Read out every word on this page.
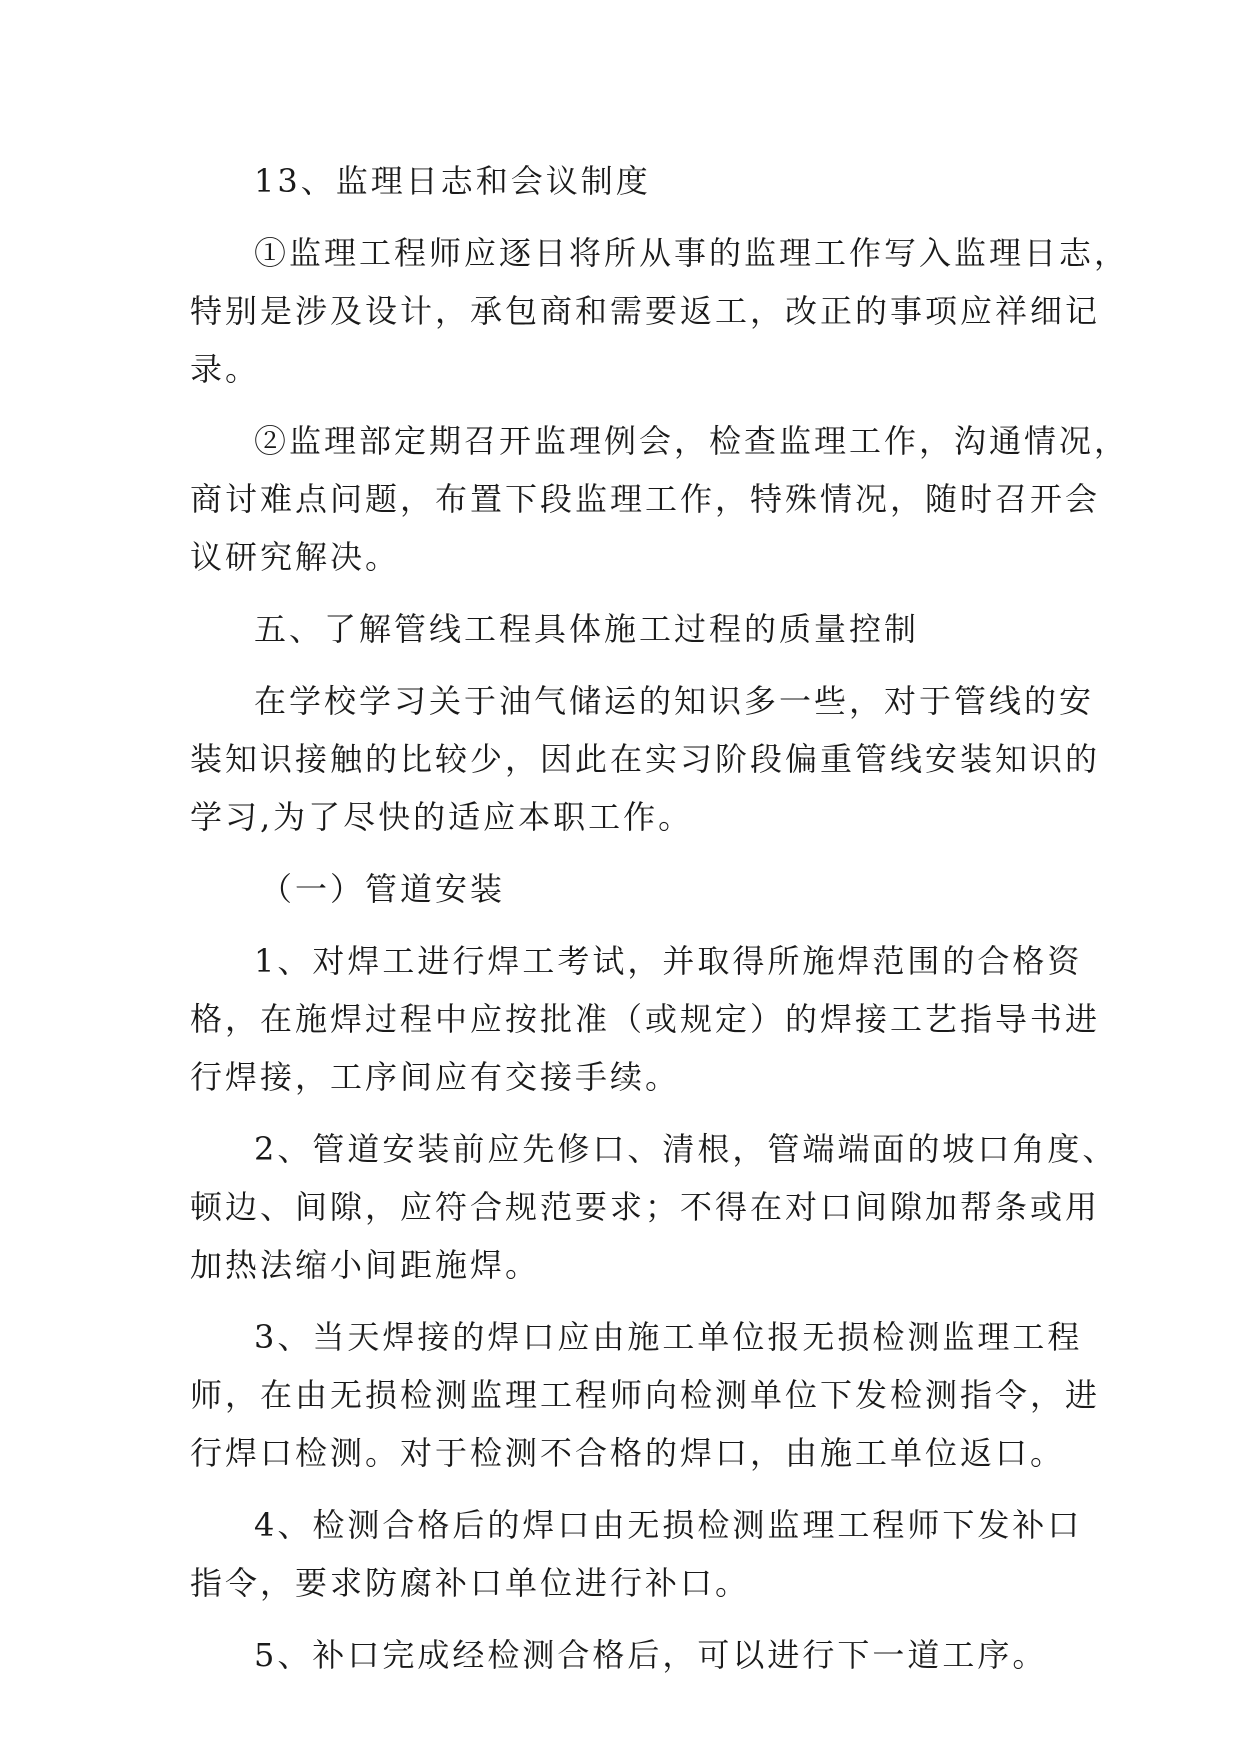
13、监理日志和会议制度
①监理工程师应逐日将所从事的监理工作写入监理日志，
特别是涉及设计，承包商和需要返工，改正的事项应祥细记
录。
②监理部定期召开监理例会，检查监理工作，沟通情况，
商讨难点问题，布置下段监理工作，特殊情况，随时召开会
议研究解决。
五、了解管线工程具体施工过程的质量控制
在学校学习关于油气储运的知识多一些，对于管线的安
装知识接触的比较少，因此在实习阶段偏重管线安装知识的
学习,为了尽快的适应本职工作。
（一）管道安装
1、对焊工进行焊工考试，并取得所施焊范围的合格资
格，在施焊过程中应按批准（或规定）的焊接工艺指导书进
行焊接，工序间应有交接手续。
2、管道安装前应先修口、清根，管端端面的坡口角度、
顿边、间隙，应符合规范要求；不得在对口间隙加帮条或用
加热法缩小间距施焊。
3、当天焊接的焊口应由施工单位报无损检测监理工程
师，在由无损检测监理工程师向检测单位下发检测指令，进
行焊口检测。对于检测不合格的焊口，由施工单位返口。
4、检测合格后的焊口由无损检测监理工程师下发补口
指令，要求防腐补口单位进行补口。
5、补口完成经检测合格后，可以进行下一道工序。
